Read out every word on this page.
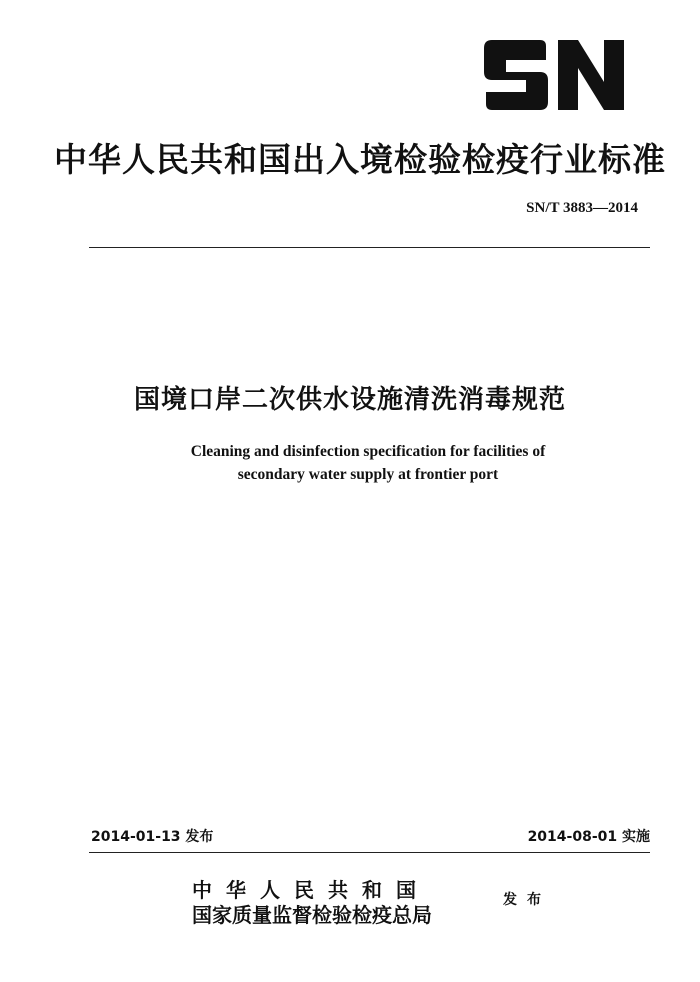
中华人民共和国出入境检验检疫行业标准
SN/T 3883—2014
国境口岸二次供水设施清洗消毒规范
Cleaning and disinfection specification for facilities of
secondary water supply at frontier port
2014-01-13 发布	2014-08-01 实施
中华人民共和国
国家质量监督检验检疫总局
发布
